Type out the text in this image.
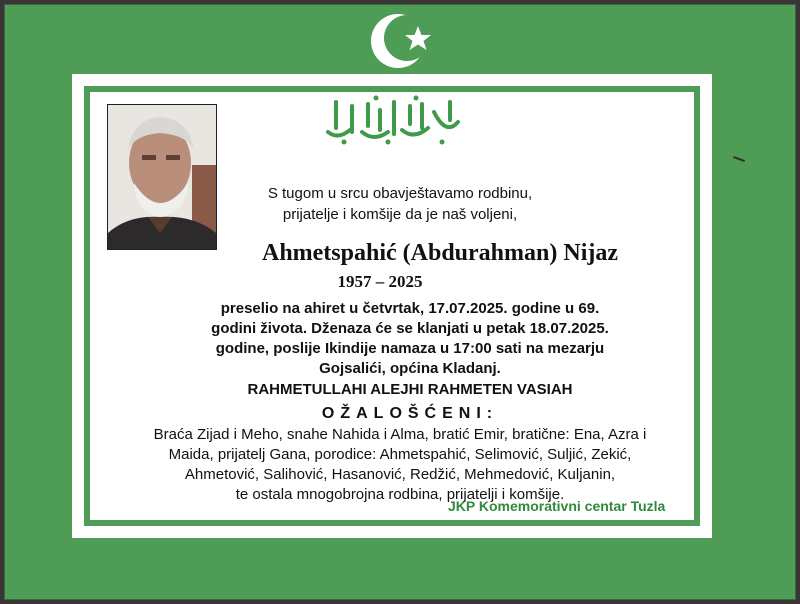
S tugom u srcu obavještavamo rodbinu,
prijatelje i komšije da je naš voljeni,
Ahmetspahić (Abdurahman) Nijaz
1957 – 2025
preselio na ahiret u četvrtak, 17.07.2025. godine u 69.
godini života. Dženaza će se klanjati u petak 18.07.2025.
godine, poslije Ikindije namaza u 17:00 sati na mezarju
Gojsalići, općina Kladanj.
RAHMETULLAHI ALEJHI RAHMETEN VASIAH
OŽALOŠĆENI:
Braća Zijad i Meho, snahe Nahida i Alma, bratić Emir, bratične: Ena, Azra i
Maida, prijatelj Gana, porodice: Ahmetspahić, Selimović, Suljić, Zekić,
Ahmetović, Salihović, Hasanović, Redžić, Mehmedović, Kuljanin,
te ostala mnogobrojna rodbina, prijatelji i komšije.
JKP Komemorativni centar Tuzla
